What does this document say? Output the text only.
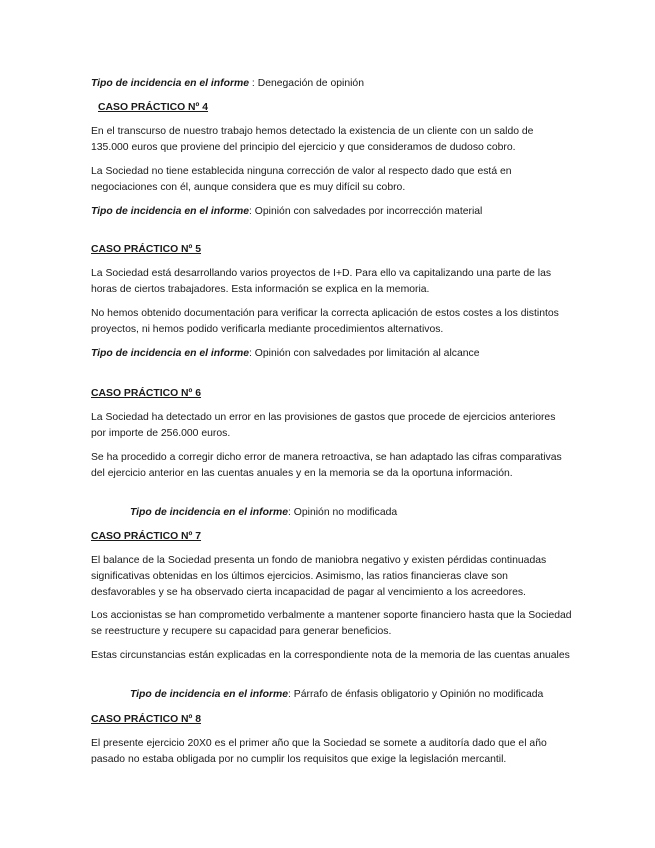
Tipo de incidencia en el informe : Denegación de opinión

CASO PRÁCTICO Nº 4

En el transcurso de nuestro trabajo hemos detectado la existencia de un cliente con un saldo de 135.000 euros que proviene del principio del ejercicio y que consideramos de dudoso cobro.

La Sociedad no tiene establecida ninguna corrección de valor al respecto dado que está en negociaciones con él, aunque considera que es muy difícil su cobro.

Tipo de incidencia en el informe: Opinión con salvedades por incorrección material

CASO PRÁCTICO Nº 5

La Sociedad está desarrollando varios proyectos de I+D. Para ello va capitalizando una parte de las horas de ciertos trabajadores. Esta información se explica en la memoria.

No hemos obtenido documentación para verificar la correcta aplicación de estos costes a los distintos proyectos, ni hemos podido verificarla mediante procedimientos alternativos.

Tipo de incidencia en el informe: Opinión con salvedades por limitación al alcance

CASO PRÁCTICO Nº 6

La Sociedad ha detectado un error en las provisiones de gastos que procede de ejercicios anteriores por importe de 256.000 euros.

Se ha procedido a corregir dicho error de manera retroactiva, se han adaptado las cifras comparativas del ejercicio anterior en las cuentas anuales y en la memoria se da la oportuna información.

Tipo de incidencia en el informe: Opinión no modificada

CASO PRÁCTICO Nº 7

El balance de la Sociedad presenta un fondo de maniobra negativo y existen pérdidas continuadas significativas obtenidas en los últimos ejercicios. Asimismo, las ratios financieras clave son desfavorables y se ha observado cierta incapacidad de pagar al vencimiento a los acreedores.

Los accionistas se han comprometido verbalmente a mantener soporte financiero hasta que la Sociedad se reestructure y recupere su capacidad para generar beneficios.

Estas circunstancias están explicadas en la correspondiente nota de la memoria de las cuentas anuales

Tipo de incidencia en el informe: Párrafo de énfasis obligatorio y Opinión no modificada

CASO PRÁCTICO Nº 8

El presente ejercicio 20X0 es el primer año que la Sociedad se somete a auditoría dado que el año pasado no estaba obligada por no cumplir los requisitos que exige la legislación mercantil.
